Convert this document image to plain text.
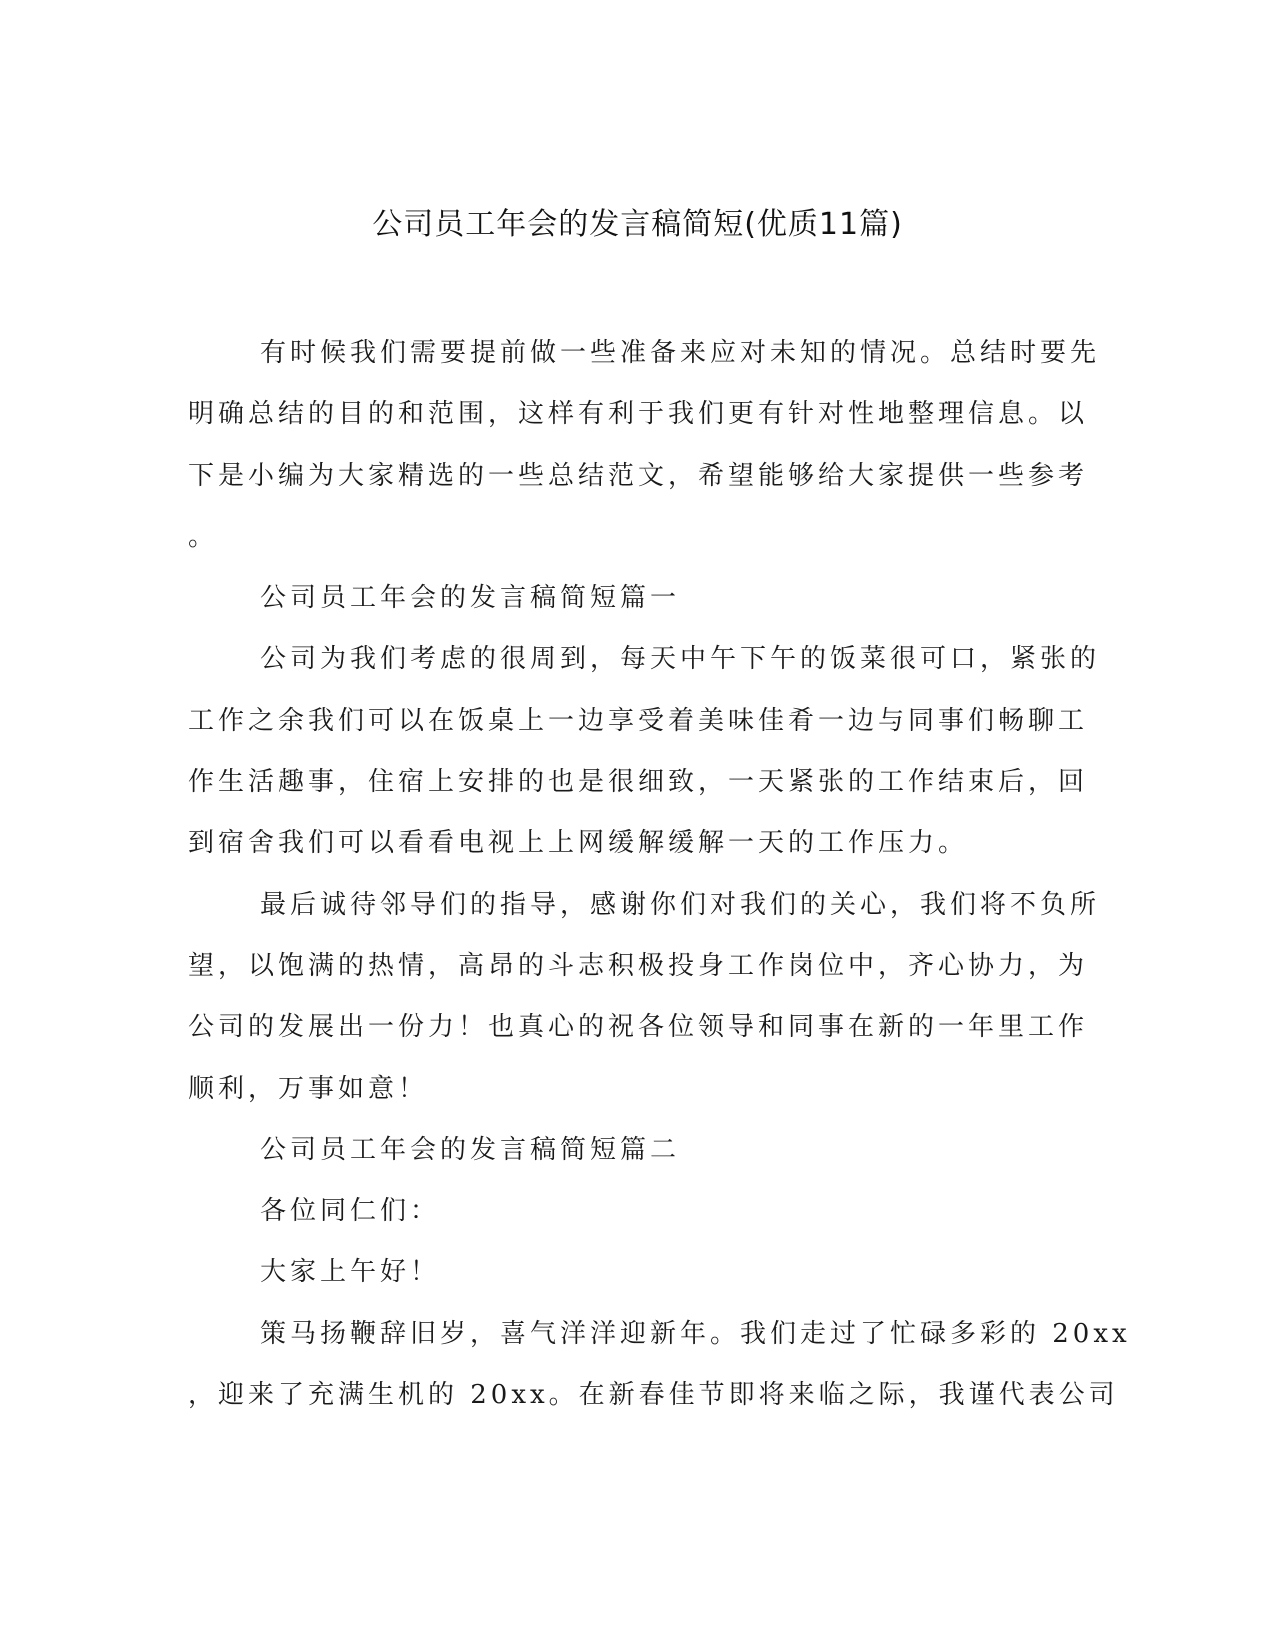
公司员工年会的发言稿简短(优质11篇)
有时候我们需要提前做一些准备来应对未知的情况。总结时要先
明确总结的目的和范围，这样有利于我们更有针对性地整理信息。以
下是小编为大家精选的一些总结范文，希望能够给大家提供一些参考
。
公司员工年会的发言稿简短篇一
公司为我们考虑的很周到，每天中午下午的饭菜很可口，紧张的
工作之余我们可以在饭桌上一边享受着美味佳肴一边与同事们畅聊工
作生活趣事，住宿上安排的也是很细致，一天紧张的工作结束后，回
到宿舍我们可以看看电视上上网缓解缓解一天的工作压力。
最后诚待邻导们的指导，感谢你们对我们的关心，我们将不负所
望，以饱满的热情，高昂的斗志积极投身工作岗位中，齐心协力，为
公司的发展出一份力！也真心的祝各位领导和同事在新的一年里工作
顺利，万事如意！
公司员工年会的发言稿简短篇二
各位同仁们：
大家上午好！
策马扬鞭辞旧岁，喜气洋洋迎新年。我们走过了忙碌多彩的 20xx
，迎来了充满生机的 20xx。在新春佳节即将来临之际，我谨代表公司
